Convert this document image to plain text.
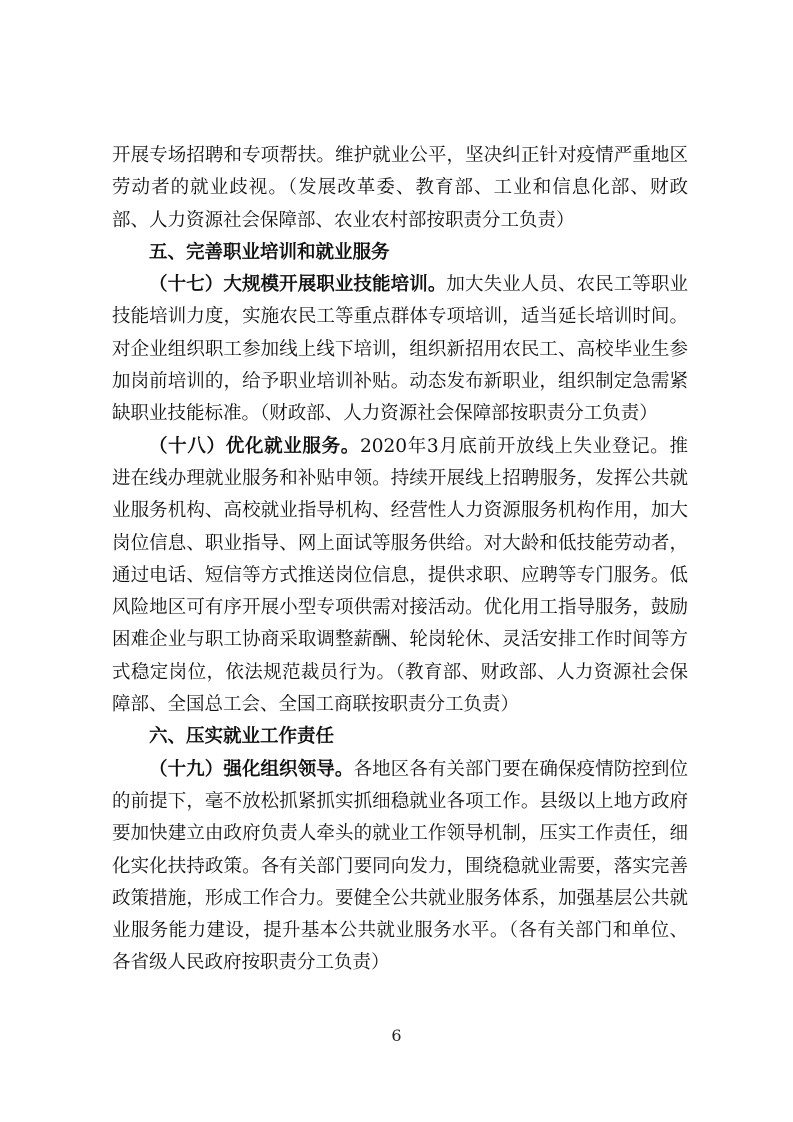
开展专场招聘和专项帮扶。维护就业公平，坚决纠正针对疫情严重地区劳动者的就业歧视。（发展改革委、教育部、工业和信息化部、财政部、人力资源社会保障部、农业农村部按职责分工负责）

五、完善职业培训和就业服务

（十七）大规模开展职业技能培训。加大失业人员、农民工等职业技能培训力度，实施农民工等重点群体专项培训，适当延长培训时间。对企业组织职工参加线上线下培训，组织新招用农民工、高校毕业生参加岗前培训的，给予职业培训补贴。动态发布新职业，组织制定急需紧缺职业技能标准。（财政部、人力资源社会保障部按职责分工负责）

（十八）优化就业服务。2020年3月底前开放线上失业登记。推进在线办理就业服务和补贴申领。持续开展线上招聘服务，发挥公共就业服务机构、高校就业指导机构、经营性人力资源服务机构作用，加大岗位信息、职业指导、网上面试等服务供给。对大龄和低技能劳动者，通过电话、短信等方式推送岗位信息，提供求职、应聘等专门服务。低风险地区可有序开展小型专项供需对接活动。优化用工指导服务，鼓励困难企业与职工协商采取调整薪酬、轮岗轮休、灵活安排工作时间等方式稳定岗位，依法规范裁员行为。（教育部、财政部、人力资源社会保障部、全国总工会、全国工商联按职责分工负责）

六、压实就业工作责任

（十九）强化组织领导。各地区各有关部门要在确保疫情防控到位的前提下，毫不放松抓紧抓实抓细稳就业各项工作。县级以上地方政府要加快建立由政府负责人牵头的就业工作领导机制，压实工作责任，细化实化扶持政策。各有关部门要同向发力，围绕稳就业需要，落实完善政策措施，形成工作合力。要健全公共就业服务体系，加强基层公共就业服务能力建设，提升基本公共就业服务水平。（各有关部门和单位、各省级人民政府按职责分工负责）

6
